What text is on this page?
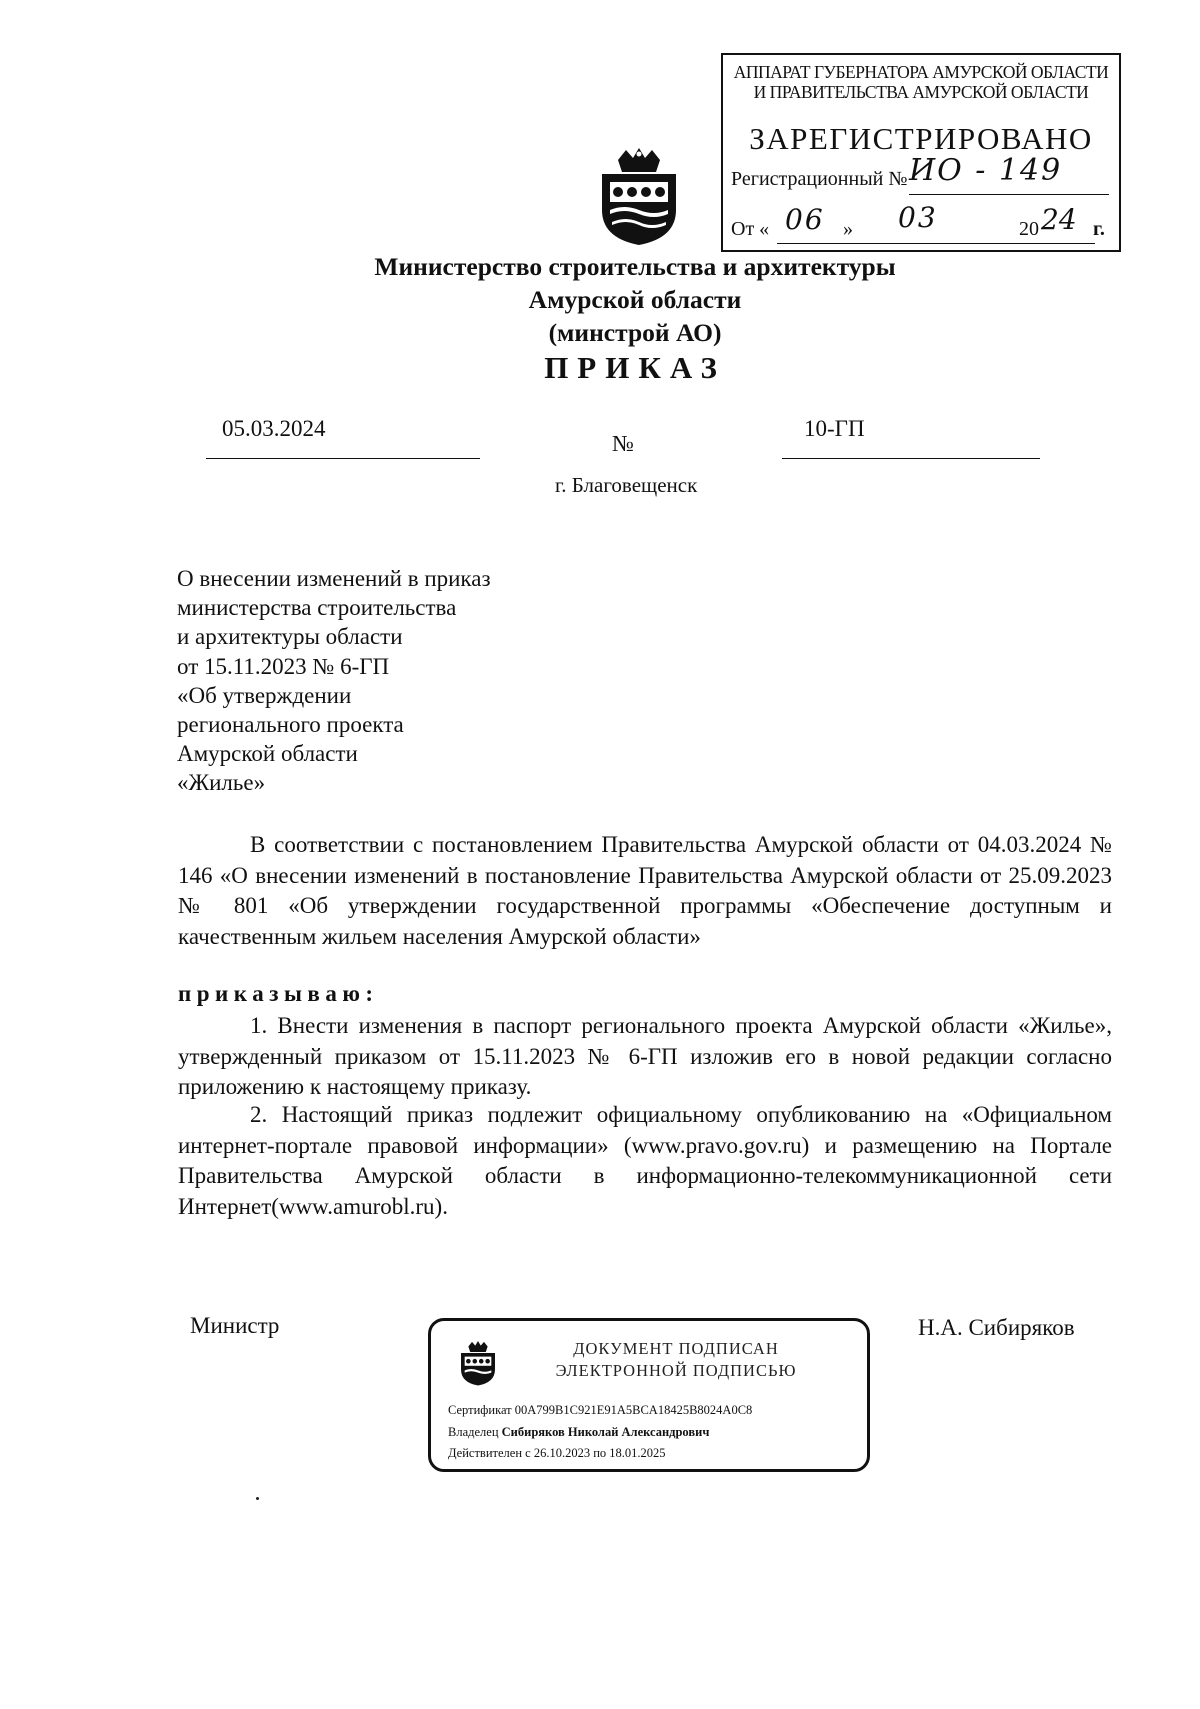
АППАРАТ ГУБЕРНАТОРА АМУРСКОЙ ОБЛАСТИ
И ПРАВИТЕЛЬСТВА АМУРСКОЙ ОБЛАСТИ
ЗАРЕГИСТРИРОВАНО
Регистрационный № ИО - 149
От « 06 » 03	20 24 г.
Министерство строительства и архитектуры
Амурской области
(минстрой АО)
ПРИКАЗ
05.03.2024
№
10-ГП
г. Благовещенск
О внесении изменений в приказ
министерства строительства
и архитектуры области
от 15.11.2023 № 6-ГП
«Об утверждении
регионального проекта
Амурской области
«Жилье»
В соответствии с постановлением Правительства Амурской области от 04.03.2024 № 146 «О внесении изменений в постановление Правительства Амурской области от 25.09.2023 № 801 «Об утверждении государственной программы «Обеспечение доступным и качественным жильем населения Амурской области»
приказываю:
1. Внести изменения в паспорт регионального проекта Амурской области «Жилье», утвержденный приказом от 15.11.2023 № 6-ГП изложив его в новой редакции согласно приложению к настоящему приказу.
2. Настоящий приказ подлежит официальному опубликованию на «Официальном интернет-портале правовой информации» (www.pravo.gov.ru) и размещению на Портале Правительства Амурской области в информационно-телекоммуникационной сети Интернет(www.amurobl.ru).
Министр	Н.А. Сибиряков
ДОКУМЕНТ ПОДПИСАН
ЭЛЕКТРОННОЙ ПОДПИСЬЮ
Сертификат 00A799B1C921E91A5BCA18425B8024A0C8
Владелец Сибиряков Николай Александрович
Действителен с 26.10.2023 по 18.01.2025
